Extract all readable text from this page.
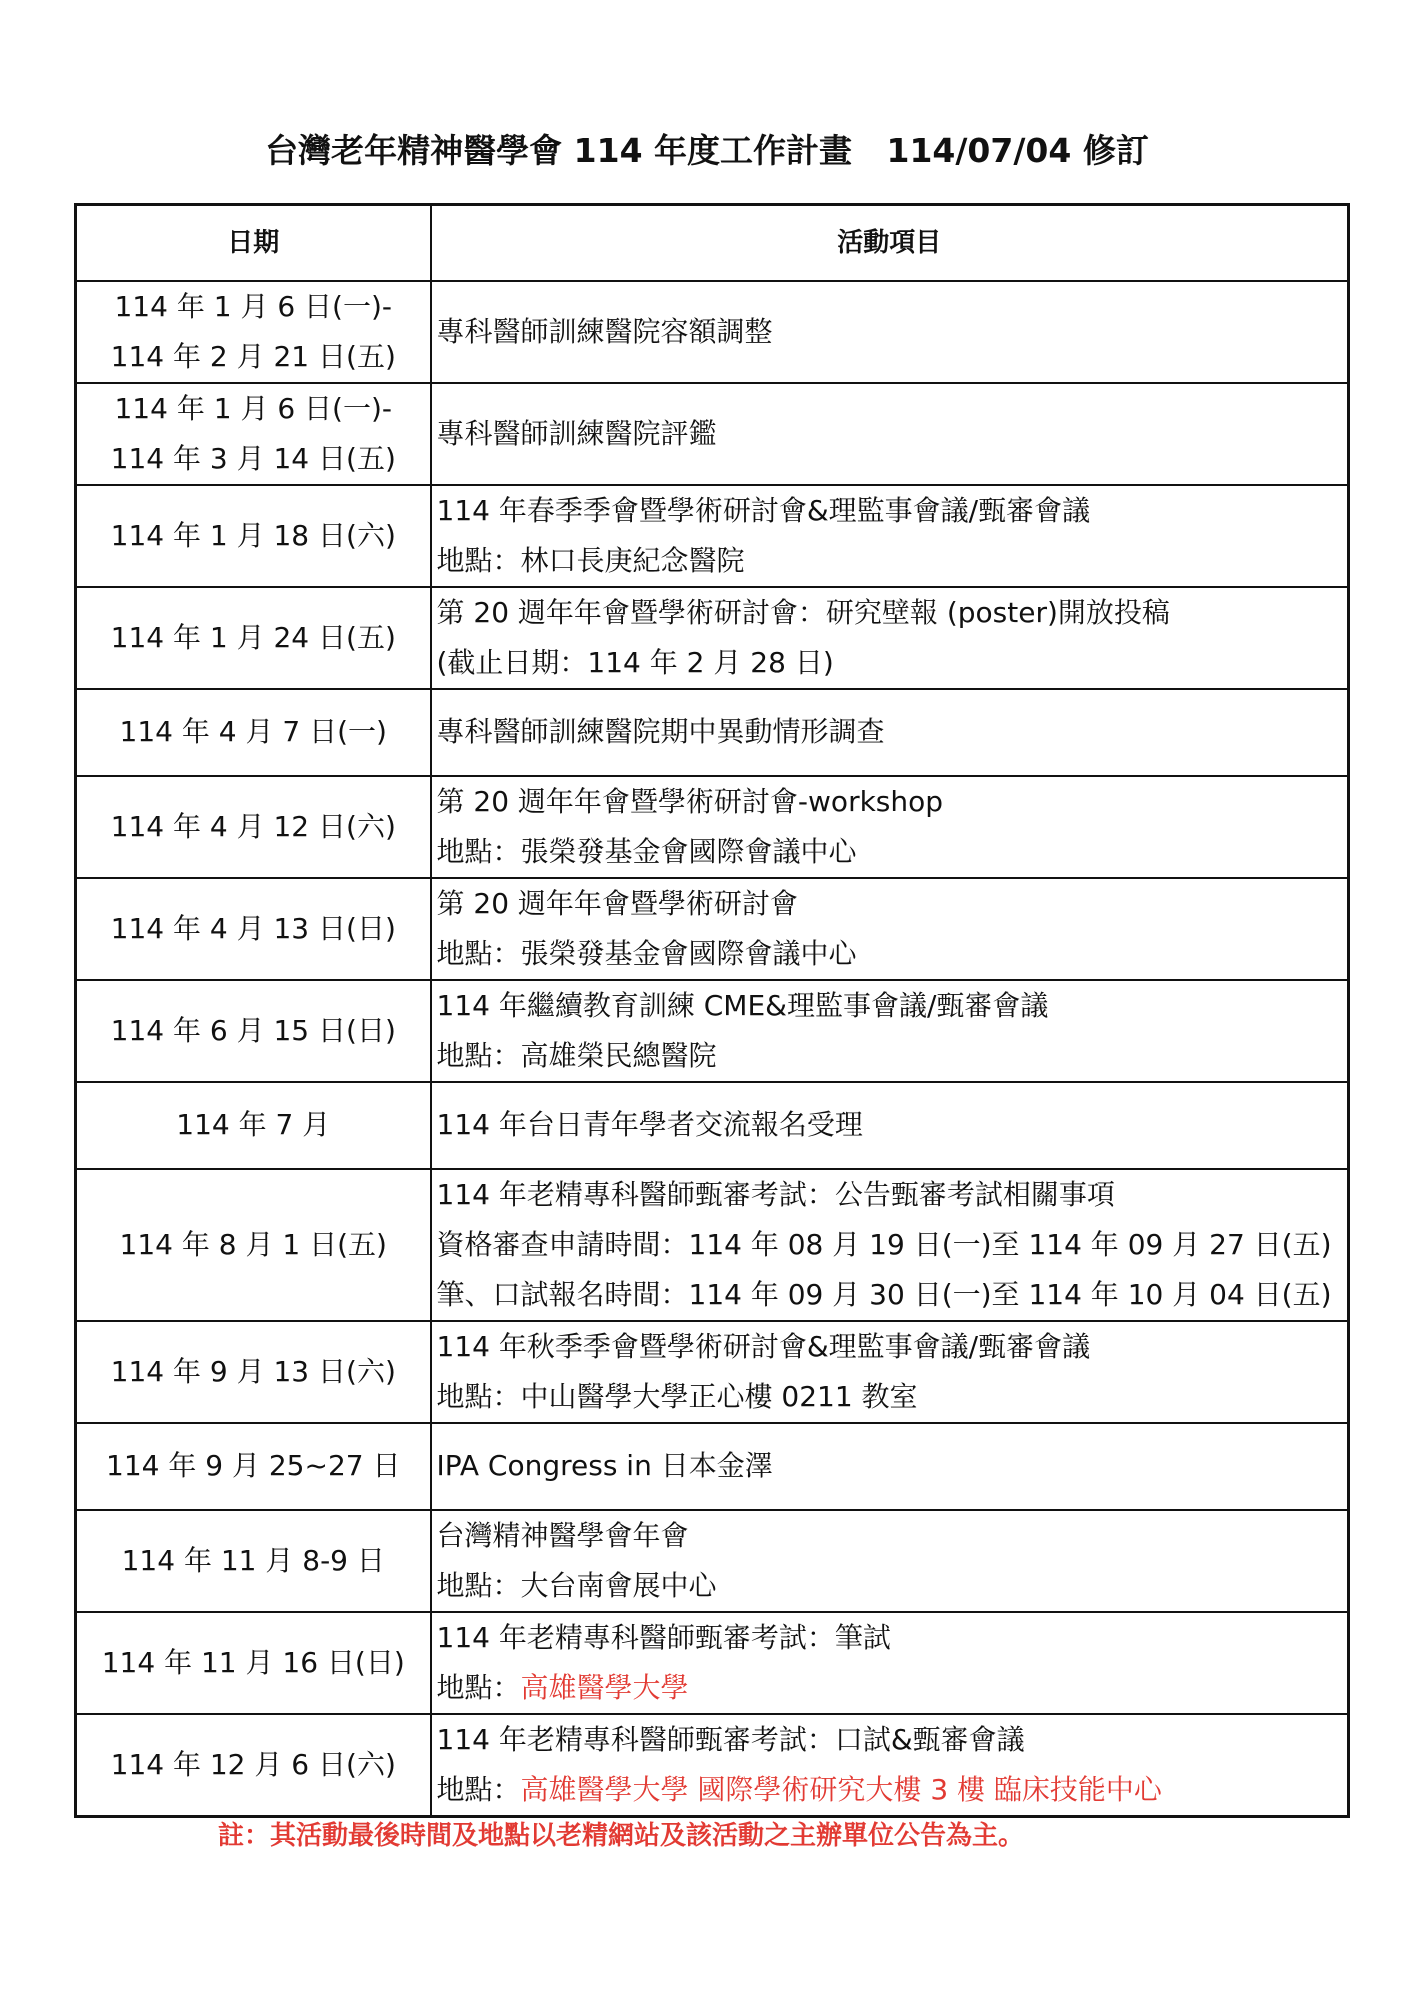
台灣老年精神醫學會 114 年度工作計畫   114/07/04 修訂
日期	活動項目

114 年 1 月 6 日(一)-
114 年 2 月 21 日(五)	專科醫師訓練醫院容額調整

114 年 1 月 6 日(一)-
114 年 3 月 14 日(五)	專科醫師訓練醫院評鑑

114 年 1 月 18 日(六)	114 年春季季會暨學術研討會&理監事會議/甄審會議
地點：林口長庚紀念醫院

114 年 1 月 24 日(五)	第 20 週年年會暨學術研討會：研究壁報 (poster)開放投稿
(截止日期：114 年 2 月 28 日)

114 年 4 月 7 日(一)	專科醫師訓練醫院期中異動情形調查

114 年 4 月 12 日(六)	第 20 週年年會暨學術研討會-workshop
地點：張榮發基金會國際會議中心

114 年 4 月 13 日(日)	第 20 週年年會暨學術研討會
地點：張榮發基金會國際會議中心

114 年 6 月 15 日(日)	114 年繼續教育訓練 CME&理監事會議/甄審會議
地點：高雄榮民總醫院

114 年 7 月	114 年台日青年學者交流報名受理

114 年 8 月 1 日(五)	114 年老精專科醫師甄審考試：公告甄審考試相關事項
資格審查申請時間：114 年 08 月 19 日(一)至 114 年 09 月 27 日(五)
筆、口試報名時間：114 年 09 月 30 日(一)至 114 年 10 月 04 日(五)

114 年 9 月 13 日(六)	114 年秋季季會暨學術研討會&理監事會議/甄審會議
地點：中山醫學大學正心樓 0211 教室

114 年 9 月 25~27 日	IPA Congress in 日本金澤

114 年 11 月 8-9 日	台灣精神醫學會年會
地點：大台南會展中心

114 年 11 月 16 日(日)	114 年老精專科醫師甄審考試：筆試
地點：高雄醫學大學

114 年 12 月 6 日(六)	114 年老精專科醫師甄審考試：口試&甄審會議
地點：高雄醫學大學 國際學術研究大樓 3 樓 臨床技能中心
註：其活動最後時間及地點以老精網站及該活動之主辦單位公告為主。
